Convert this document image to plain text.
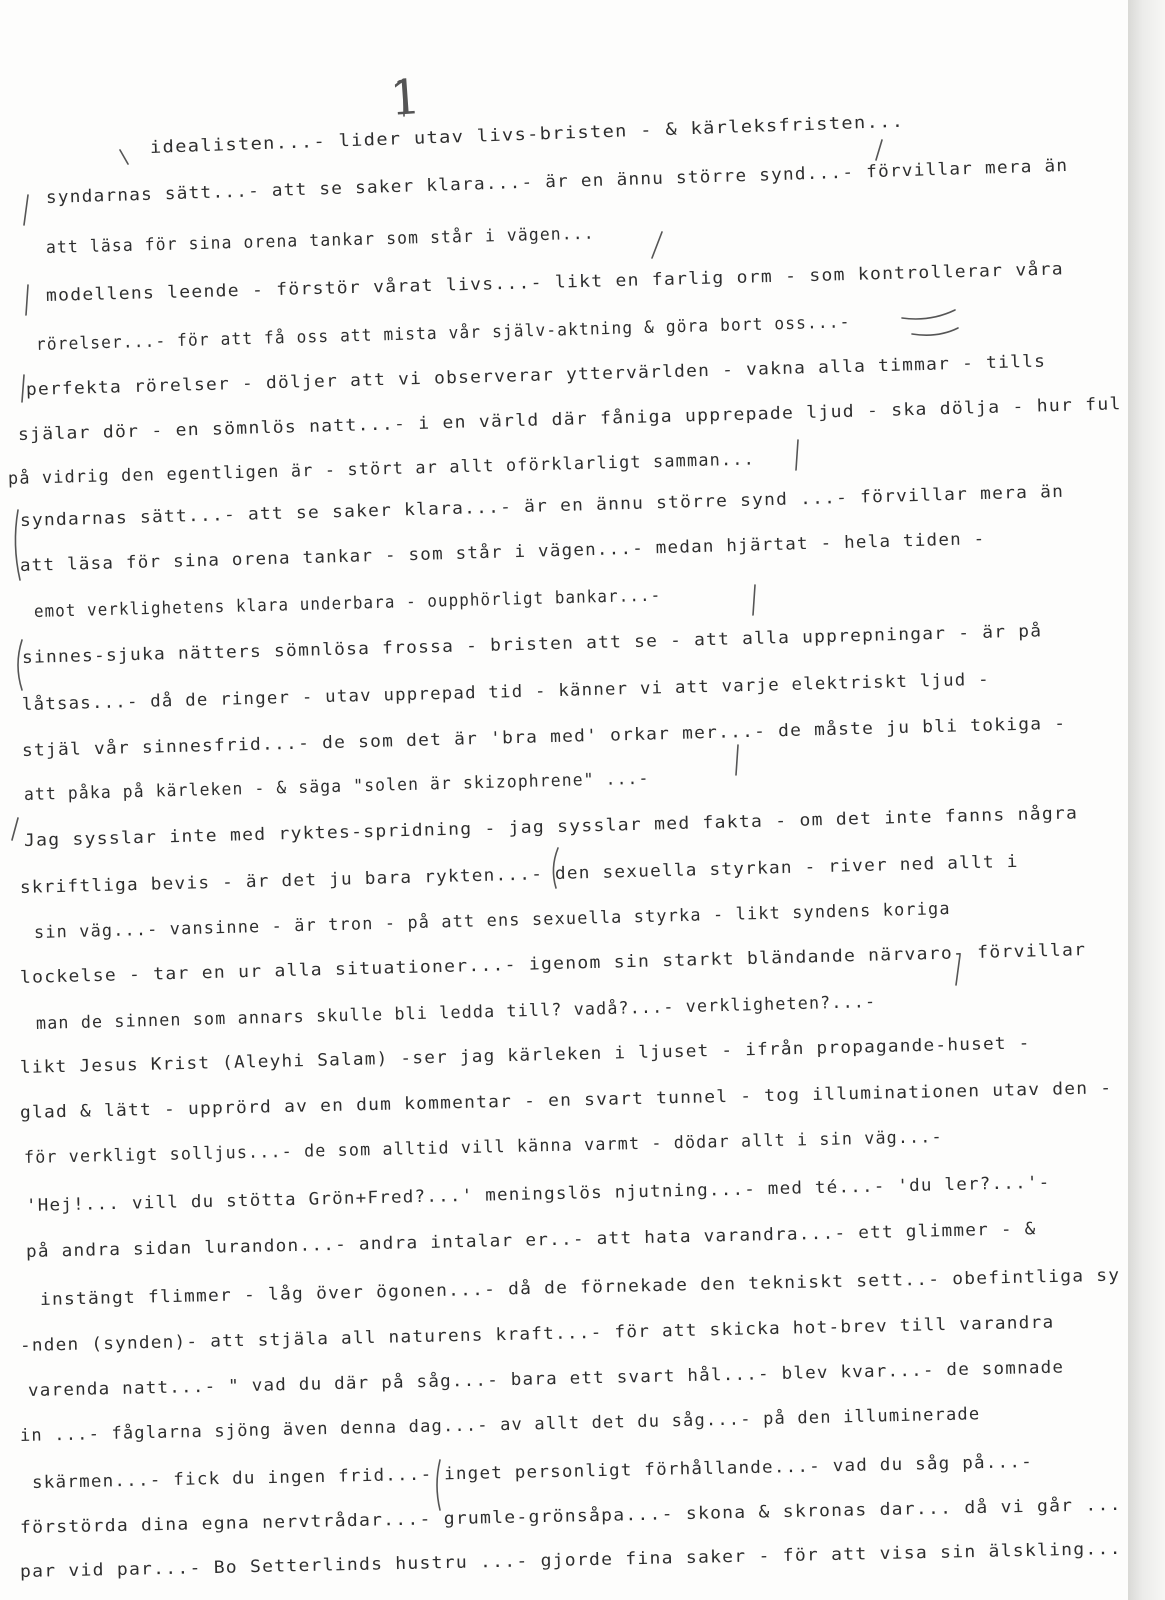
1
idealisten...- lider utav livs-bristen - & kärleksfristen...
syndarnas sätt...- att se saker klara...- är en ännu större synd...- förvillar mera än
att läsa för sina orena tankar som står i vägen...
modellens leende - förstör vårat livs...- likt en farlig orm - som kontrollerar våra
rörelser...- för att få oss att mista vår själv-aktning & göra bort oss...-
perfekta rörelser - döljer att vi observerar yttervärlden - vakna alla timmar - tills
själar dör - en sömnlös natt...- i en värld där fåniga upprepade ljud - ska dölja - hur ful
på vidrig den egentligen är - stört ar allt oförklarligt samman...
syndarnas sätt...- att se saker klara...- är en ännu större synd ...- förvillar mera än
att läsa för sina orena tankar - som står i vägen...- medan hjärtat - hela tiden -
emot verklighetens klara underbara - oupphörligt bankar...-
sinnes-sjuka nätters sömnlösa frossa - bristen att se - att alla upprepningar - är på
låtsas...- då de ringer - utav upprepad tid - känner vi att varje elektriskt ljud -
stjäl vår sinnesfrid...- de som det är 'bra med' orkar mer...- de måste ju bli tokiga -
att påka på kärleken - & säga "solen är skizophrene" ...-
Jag sysslar inte med ryktes-spridning - jag sysslar med fakta - om det inte fanns några
skriftliga bevis - är det ju bara rykten...- den sexuella styrkan - river ned allt i
sin väg...- vansinne - är tron - på att ens sexuella styrka - likt syndens koriga
lockelse - tar en ur alla situationer...- igenom sin starkt bländande närvaro- förvillar
man de sinnen som annars skulle bli ledda till? vadå?...- verkligheten?...-
likt Jesus Krist (Aleyhi Salam) -ser jag kärleken i ljuset - ifrån propagande-huset -
glad & lätt - upprörd av en dum kommentar - en svart tunnel - tog illuminationen utav den -
för verkligt solljus...- de som alltid vill känna varmt - dödar allt i sin väg...-
'Hej!... vill du stötta Grön+Fred?...' meningslös njutning...- med té...- 'du ler?...'-
på andra sidan lurandon...- andra intalar er..- att hata varandra...- ett glimmer - &
instängt flimmer - låg över ögonen...- då de förnekade den tekniskt sett..- obefintliga sy
-nden (synden)- att stjäla all naturens kraft...- för att skicka hot-brev till varandra
varenda natt...- " vad du där på såg...- bara ett svart hål...- blev kvar...- de somnade
in ...- fåglarna sjöng även denna dag...- av allt det du såg...- på den illuminerade
skärmen...- fick du ingen frid...- inget personligt förhållande...- vad du såg på...-
förstörda dina egna nervtrådar...- grumle-grönsåpa...- skona & skronas dar... då vi går ...
par vid par...- Bo Setterlinds hustru ...- gjorde fina saker - för att visa sin älskling...
